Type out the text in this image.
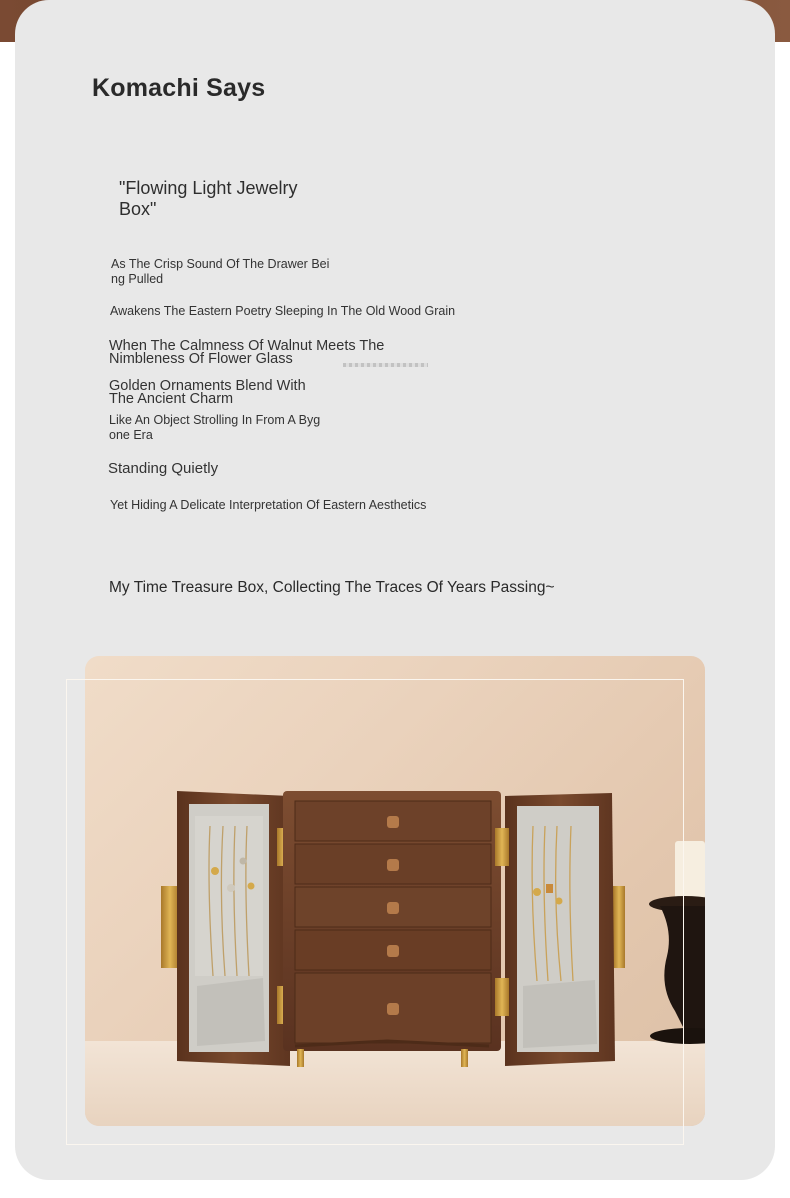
Komachi Says
"Flowing Light Jewelry Box"
As The Crisp Sound Of The Drawer Being Pulled
Awakens The Eastern Poetry Sleeping In The Old Wood Grain
When The Calmness Of Walnut Meets The Nimbleness Of Flower Glass
Golden Ornaments Blend With The Ancient Charm
Like An Object Strolling In From A Bygone Era
Standing Quietly
Yet Hiding A Delicate Interpretation Of Eastern Aesthetics
My Time Treasure Box, Collecting The Traces Of Years Passing~
